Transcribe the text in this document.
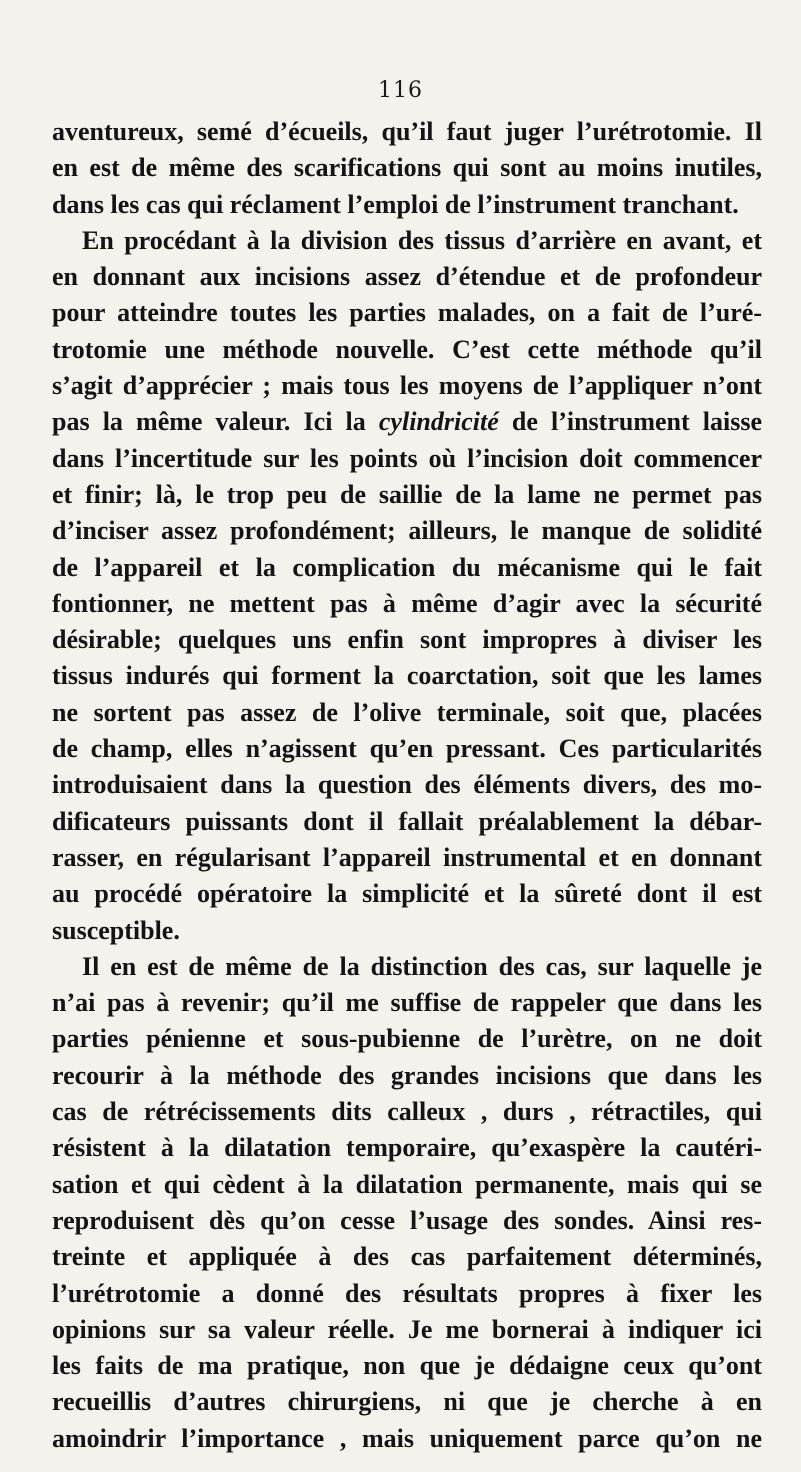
116
aventureux, semé d’écueils, qu’il faut juger l’urétrotomie. Il
en est de même des scarifications qui sont au moins inutiles,
dans les cas qui réclament l’emploi de l’instrument tranchant.
En procédant à la division des tissus d’arrière en avant, et
en donnant aux incisions assez d’étendue et de profondeur
pour atteindre toutes les parties malades, on a fait de l’uré-
trotomie une méthode nouvelle. C’est cette méthode qu’il
s’agit d’apprécier ; mais tous les moyens de l’appliquer n’ont
pas la même valeur. Ici la cylindricité de l’instrument laisse
dans l’incertitude sur les points où l’incision doit commencer
et finir; là, le trop peu de saillie de la lame ne permet pas
d’inciser assez profondément; ailleurs, le manque de solidité
de l’appareil et la complication du mécanisme qui le fait
fontionner, ne mettent pas à même d’agir avec la sécurité
désirable; quelques uns enfin sont impropres à diviser les
tissus indurés qui forment la coarctation, soit que les lames
ne sortent pas assez de l’olive terminale, soit que, placées
de champ, elles n’agissent qu’en pressant. Ces particularités
introduisaient dans la question des éléments divers, des mo-
dificateurs puissants dont il fallait préalablement la débar-
rasser, en régularisant l’appareil instrumental et en donnant
au procédé opératoire la simplicité et la sûreté dont il est
susceptible.
Il en est de même de la distinction des cas, sur laquelle je
n’ai pas à revenir; qu’il me suffise de rappeler que dans les
parties pénienne et sous-pubienne de l’urètre, on ne doit
recourir à la méthode des grandes incisions que dans les
cas de rétrécissements dits calleux , durs , rétractiles, qui
résistent à la dilatation temporaire, qu’exaspère la cautéri-
sation et qui cèdent à la dilatation permanente, mais qui se
reproduisent dès qu’on cesse l’usage des sondes. Ainsi res-
treinte et appliquée à des cas parfaitement déterminés,
l’urétrotomie a donné des résultats propres à fixer les
opinions sur sa valeur réelle. Je me bornerai à indiquer ici
les faits de ma pratique, non que je dédaigne ceux qu’ont
recueillis d’autres chirurgiens, ni que je cherche à en
amoindrir l’importance , mais uniquement parce qu’on ne
